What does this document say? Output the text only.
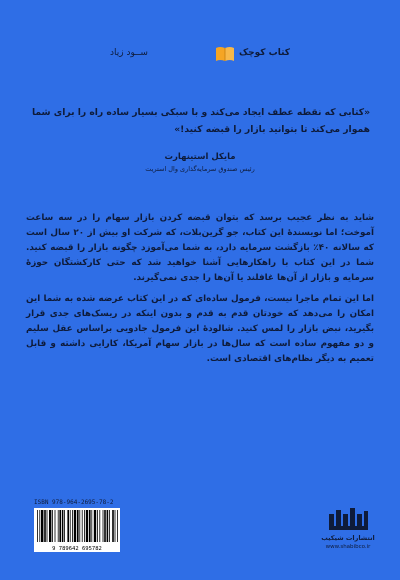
کتاب کوچک
ســود زیاد
«کتابی که نقطه عطف ایجاد می‌کند و با سبکی بسیار ساده راه را برای شما هموار می‌کند تا بتوانید بازار را قبضه کنید!»
مایکل استینهارت
رئیس صندوق سرمایه‌گذاری وال استریت

شاید به نظر عجیب برسد که بتوان قبضه کردن بازار سهام را در سه ساعت آموخت؛ اما نویسندهٔ این کتاب، جو گرین‌بلات، که شرکت او بیش از ۲۰ سال است که سالانه ۴۰٪ بازگشت سرمایه دارد، به شما می‌آموزد چگونه بازار را قبضه کنید. شما در این کتاب با راهکارهایی آشنا خواهید شد که حتی کارکشتگان حوزهٔ سرمایه و بازار از آن‌ها غافلند یا آن‌ها را جدی نمی‌گیرند.

اما این تمام ماجرا نیست، فرمول ساده‌ای که در این کتاب عرضه شده به شما این امکان را می‌دهد که خودتان قدم به قدم و بدون اینکه در ریسک‌های جدی قرار بگیرید، نبض بازار را لمس کنید. شالودهٔ این فرمول جادویی براساس عقل سلیم و دو مفهوم ساده است که سال‌ها در بازار سهام آمریکا، کارایی داشته و قابل تعمیم به دیگر نظام‌های اقتصادی است.

ISBN 978-964-2695-78-2
9 789642 695782
انتشارات شیکیب
www.shabibco.ir
